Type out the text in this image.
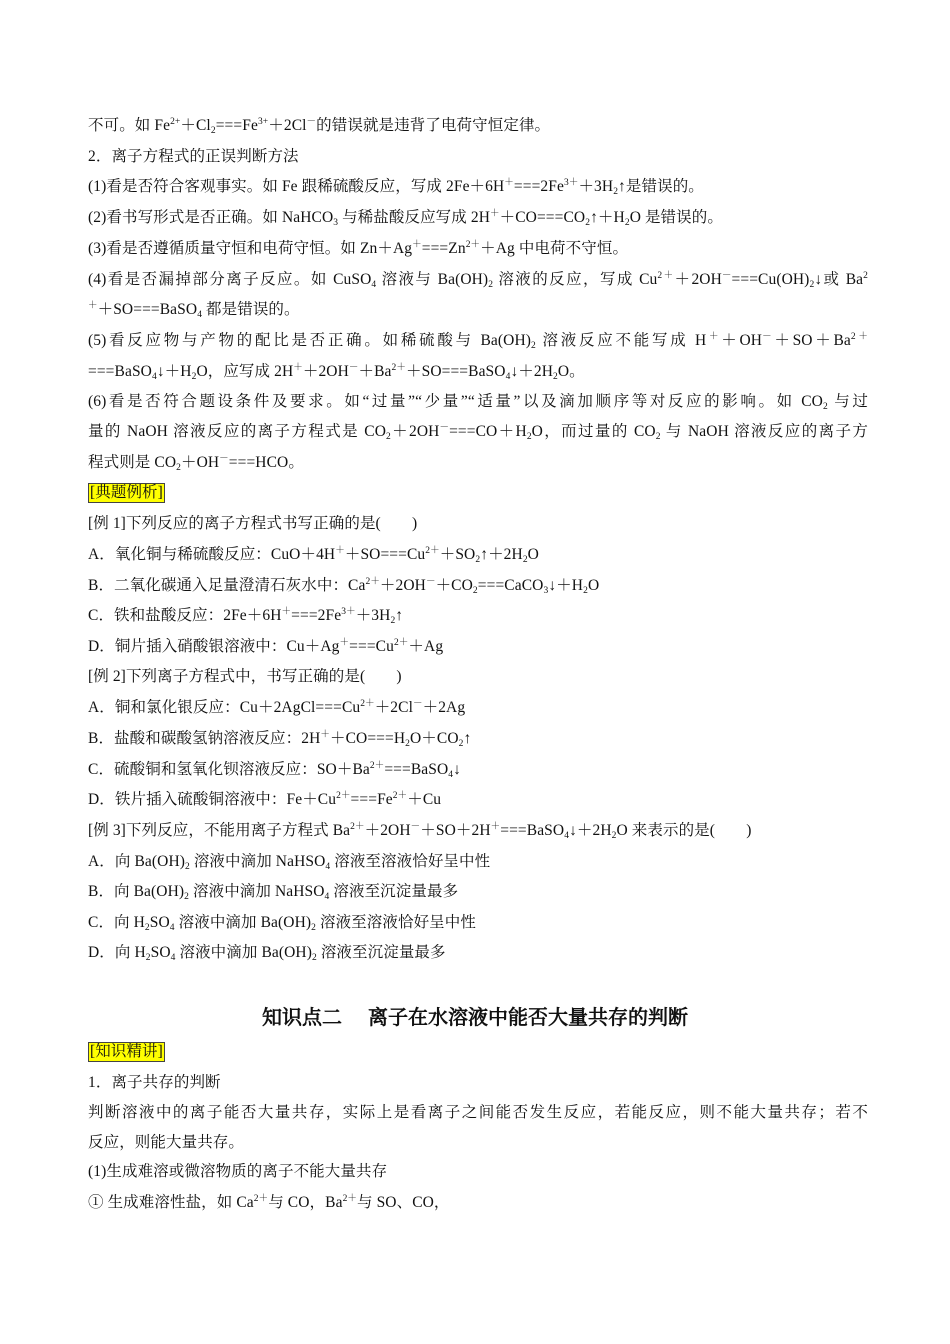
不可。如 $Fe^{2+}+Cl_2===Fe^{3+}+2Cl^-$的错误就是违背了电荷守恒定律。
2．离子方程式的正误判断方法
(1)看是否符合客观事实。如 Fe 跟稀硫酸反应，写成 $2Fe+6H^+===2Fe^{3+}+3H_2↑$是错误的。
(2)看书写形式是否正确。如 NaHCO$_3$ 与稀盐酸反应写成 $2H^++CO===CO_2↑+H_2O$ 是错误的。
(3)看是否遵循质量守恒和电荷守恒。如 $Zn+Ag^+===Zn^{2+}+Ag$ 中电荷不守恒。
(4)看是否漏掉部分离子反应。如 CuSO$_4$ 溶液与 $Ba(OH)_2$ 溶液的反应，写成 $Cu^{2+}+2OH^-===Cu(OH)_2↓$或 Ba$^2$
＋＋SO===BaSO$_4$ 都是错误的。
(5)看反应物与产物的配比是否正确。如稀硫酸与 $Ba(OH)_2$ 溶液反应不能写成 $H^++OH^-+SO+Ba^{2+}$
$===BaSO_4↓+H_2O$，应写成 $2H^++2OH^-+Ba^{2+}+SO===BaSO_4↓+2H_2O$。
(6)看是否符合题设条件及要求。如“过量”“少量”“适量”以及滴加顺序等对反应的影响。如 $CO_2$ 与过
量的 NaOH 溶液反应的离子方程式是 $CO_2+2OH^-===CO+H_2O$，而过量的 $CO_2$ 与 NaOH 溶液反应的离子方
程式则是 $CO_2+OH^-===HCO$。
[典题例析]
[例 1]下列反应的离子方程式书写正确的是(　　)
A．氧化铜与稀硫酸反应：$CuO+4H^++SO===Cu^{2+}+SO_2↑+2H_2O$
B．二氧化碳通入足量澄清石灰水中：$Ca^{2+}+2OH^-+CO_2===CaCO_3↓+H_2O$
C．铁和盐酸反应：$2Fe+6H^+===2Fe^{3+}+3H_2↑$
D．铜片插入硝酸银溶液中：$Cu+Ag^+===Cu^{2+}+Ag$
[例 2]下列离子方程式中，书写正确的是(　　)
A．铜和氯化银反应：$Cu+2AgCl===Cu^{2+}+2Cl^-+2Ag$
B．盐酸和碳酸氢钠溶液反应：$2H^++CO===H_2O+CO_2↑$
C．硫酸铜和氢氧化钡溶液反应：$SO+Ba^{2+}===BaSO_4↓$
D．铁片插入硫酸铜溶液中：$Fe+Cu^{2+}===Fe^{2+}+Cu$
[例 3]下列反应，不能用离子方程式 $Ba^{2+}+2OH^-+SO+2H^+===BaSO_4↓+2H_2O$ 来表示的是(　　)
A．向 $Ba(OH)_2$ 溶液中滴加 NaHSO$_4$ 溶液至溶液恰好呈中性
B．向 $Ba(OH)_2$ 溶液中滴加 NaHSO$_4$ 溶液至沉淀量最多
C．向 $H_2SO_4$ 溶液中滴加 $Ba(OH)_2$ 溶液至溶液恰好呈中性
D．向 $H_2SO_4$ 溶液中滴加 $Ba(OH)_2$ 溶液至沉淀量最多
知识点二 离子在水溶液中能否大量共存的判断
[知识精讲]
1．离子共存的判断
判断溶液中的离子能否大量共存，实际上是看离子之间能否发生反应，若能反应，则不能大量共存；若不
反应，则能大量共存。
(1)生成难溶或微溶物质的离子不能大量共存
① 生成难溶性盐，如 $Ca^{2+}$与 CO，$Ba^{2+}$与 SO、CO，
